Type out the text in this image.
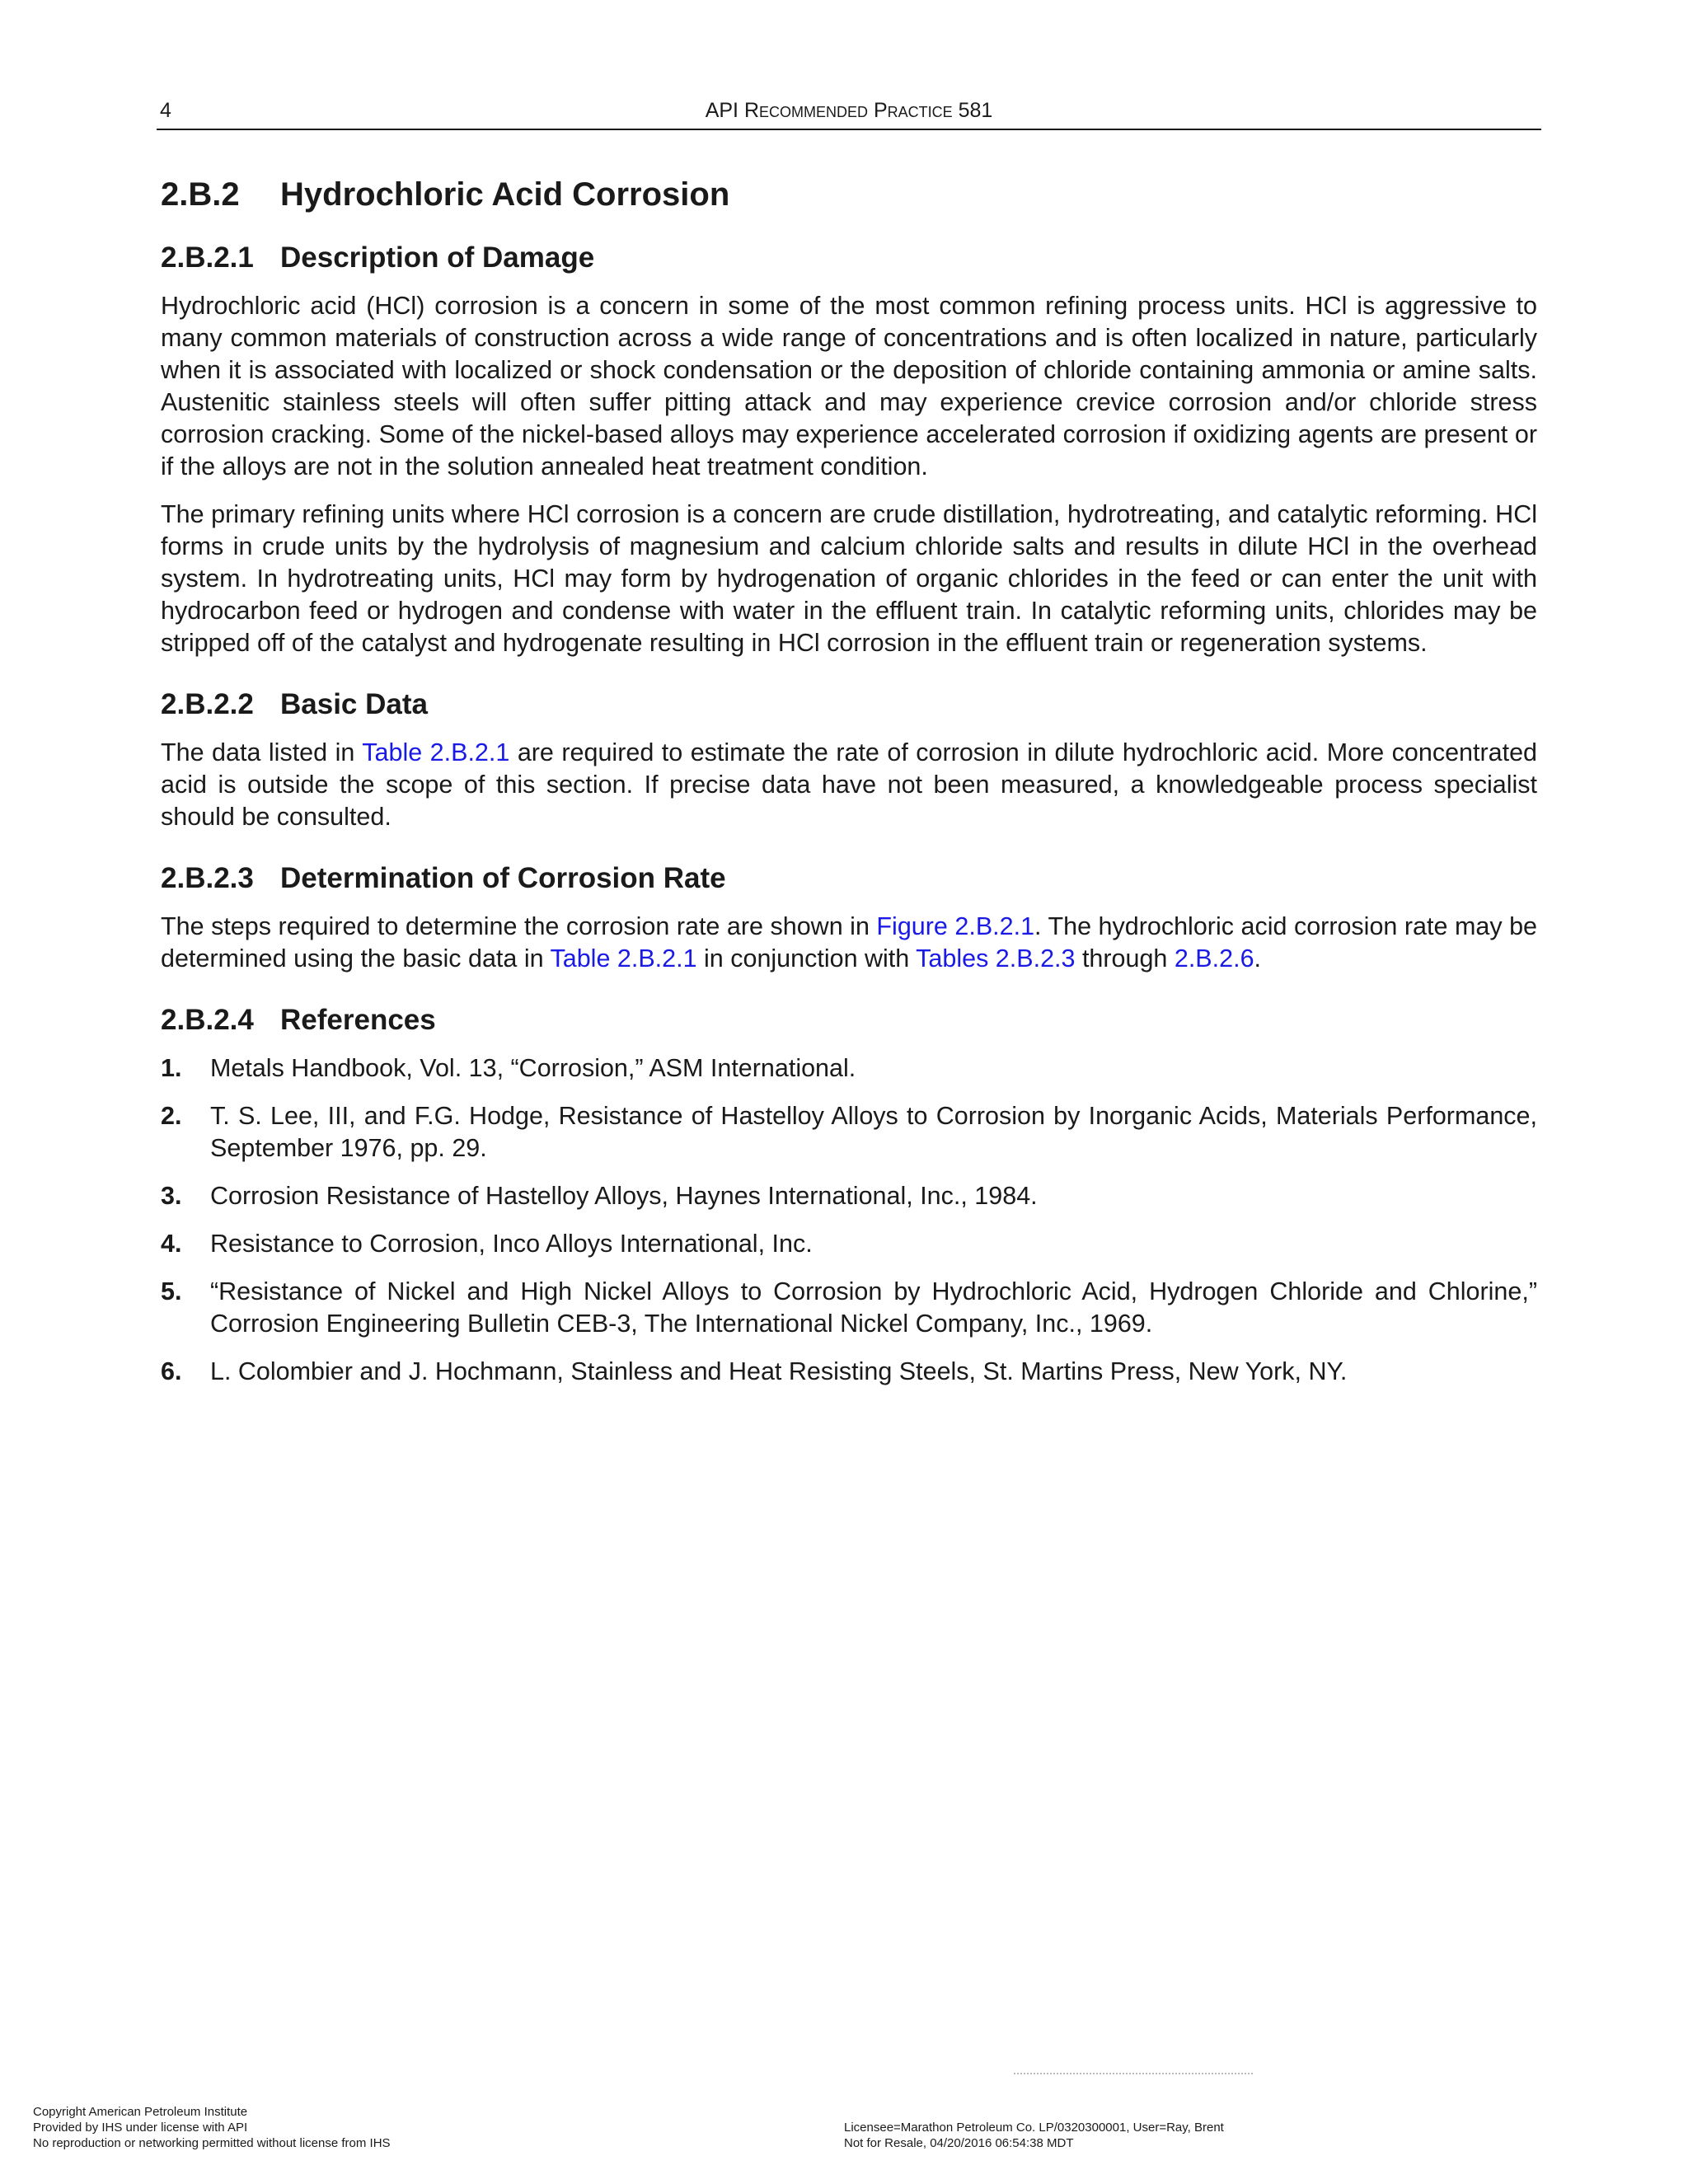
4	API Recommended Practice 581
2.B.2 Hydrochloric Acid Corrosion
2.B.2.1 Description of Damage

Hydrochloric acid (HCl) corrosion is a concern in some of the most common refining process units. HCl is aggressive to many common materials of construction across a wide range of concentrations and is often localized in nature, particularly when it is associated with localized or shock condensation or the deposition of chloride containing ammonia or amine salts. Austenitic stainless steels will often suffer pitting attack and may experience crevice corrosion and/or chloride stress corrosion cracking. Some of the nickel-based alloys may experience accelerated corrosion if oxidizing agents are present or if the alloys are not in the solution annealed heat treatment condition.

The primary refining units where HCl corrosion is a concern are crude distillation, hydrotreating, and catalytic reforming. HCl forms in crude units by the hydrolysis of magnesium and calcium chloride salts and results in dilute HCl in the overhead system. In hydrotreating units, HCl may form by hydrogenation of organic chlorides in the feed or can enter the unit with hydrocarbon feed or hydrogen and condense with water in the effluent train. In catalytic reforming units, chlorides may be stripped off of the catalyst and hydrogenate resulting in HCl corrosion in the effluent train or regeneration systems.

2.B.2.2 Basic Data

The data listed in Table 2.B.2.1 are required to estimate the rate of corrosion in dilute hydrochloric acid. More concentrated acid is outside the scope of this section. If precise data have not been measured, a knowledgeable process specialist should be consulted.

2.B.2.3 Determination of Corrosion Rate

The steps required to determine the corrosion rate are shown in Figure 2.B.2.1. The hydrochloric acid corrosion rate may be determined using the basic data in Table 2.B.2.1 in conjunction with Tables 2.B.2.3 through 2.B.2.6.

2.B.2.4 References
1. Metals Handbook, Vol. 13, “Corrosion,” ASM International.
2. T. S. Lee, III, and F.G. Hodge, Resistance of Hastelloy Alloys to Corrosion by Inorganic Acids, Materials Performance, September 1976, pp. 29.
3. Corrosion Resistance of Hastelloy Alloys, Haynes International, Inc., 1984.
4. Resistance to Corrosion, Inco Alloys International, Inc.
5. “Resistance of Nickel and High Nickel Alloys to Corrosion by Hydrochloric Acid, Hydrogen Chloride and Chlorine,” Corrosion Engineering Bulletin CEB-3, The International Nickel Company, Inc., 1969.
6. L. Colombier and J. Hochmann, Stainless and Heat Resisting Steels, St. Martins Press, New York, NY.
Copyright American Petroleum Institute
Provided by IHS under license with API
No reproduction or networking permitted without license from IHS
Licensee=Marathon Petroleum Co. LP/0320300001, User=Ray, Brent
Not for Resale, 04/20/2016 06:54:38 MDT
